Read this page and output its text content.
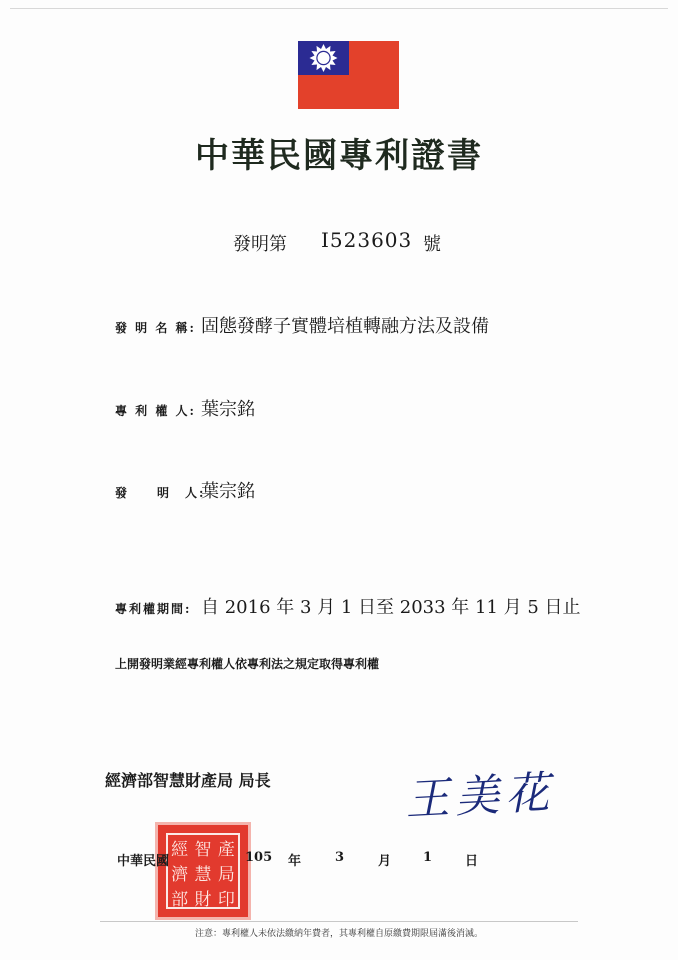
中華民國專利證書
發明第 I523603 號
發 明 名 稱: 固態發酵子實體培植轉融方法及設備
專 利 權 人: 葉宗銘
發　　明　人:葉宗銘
專利權期間: 自 2016 年 3 月 1 日至 2033 年 11 月 5 日止
上開發明業經專利權人依專利法之規定取得專利權
經濟部智慧財產局 局長	王美花
經 智 產
濟 慧 局
部 財 印
中華民國	105 年	3	月 1	日
注意：專利權人未依法繳納年費者，其專利權自原繳費期限屆滿後消滅。
